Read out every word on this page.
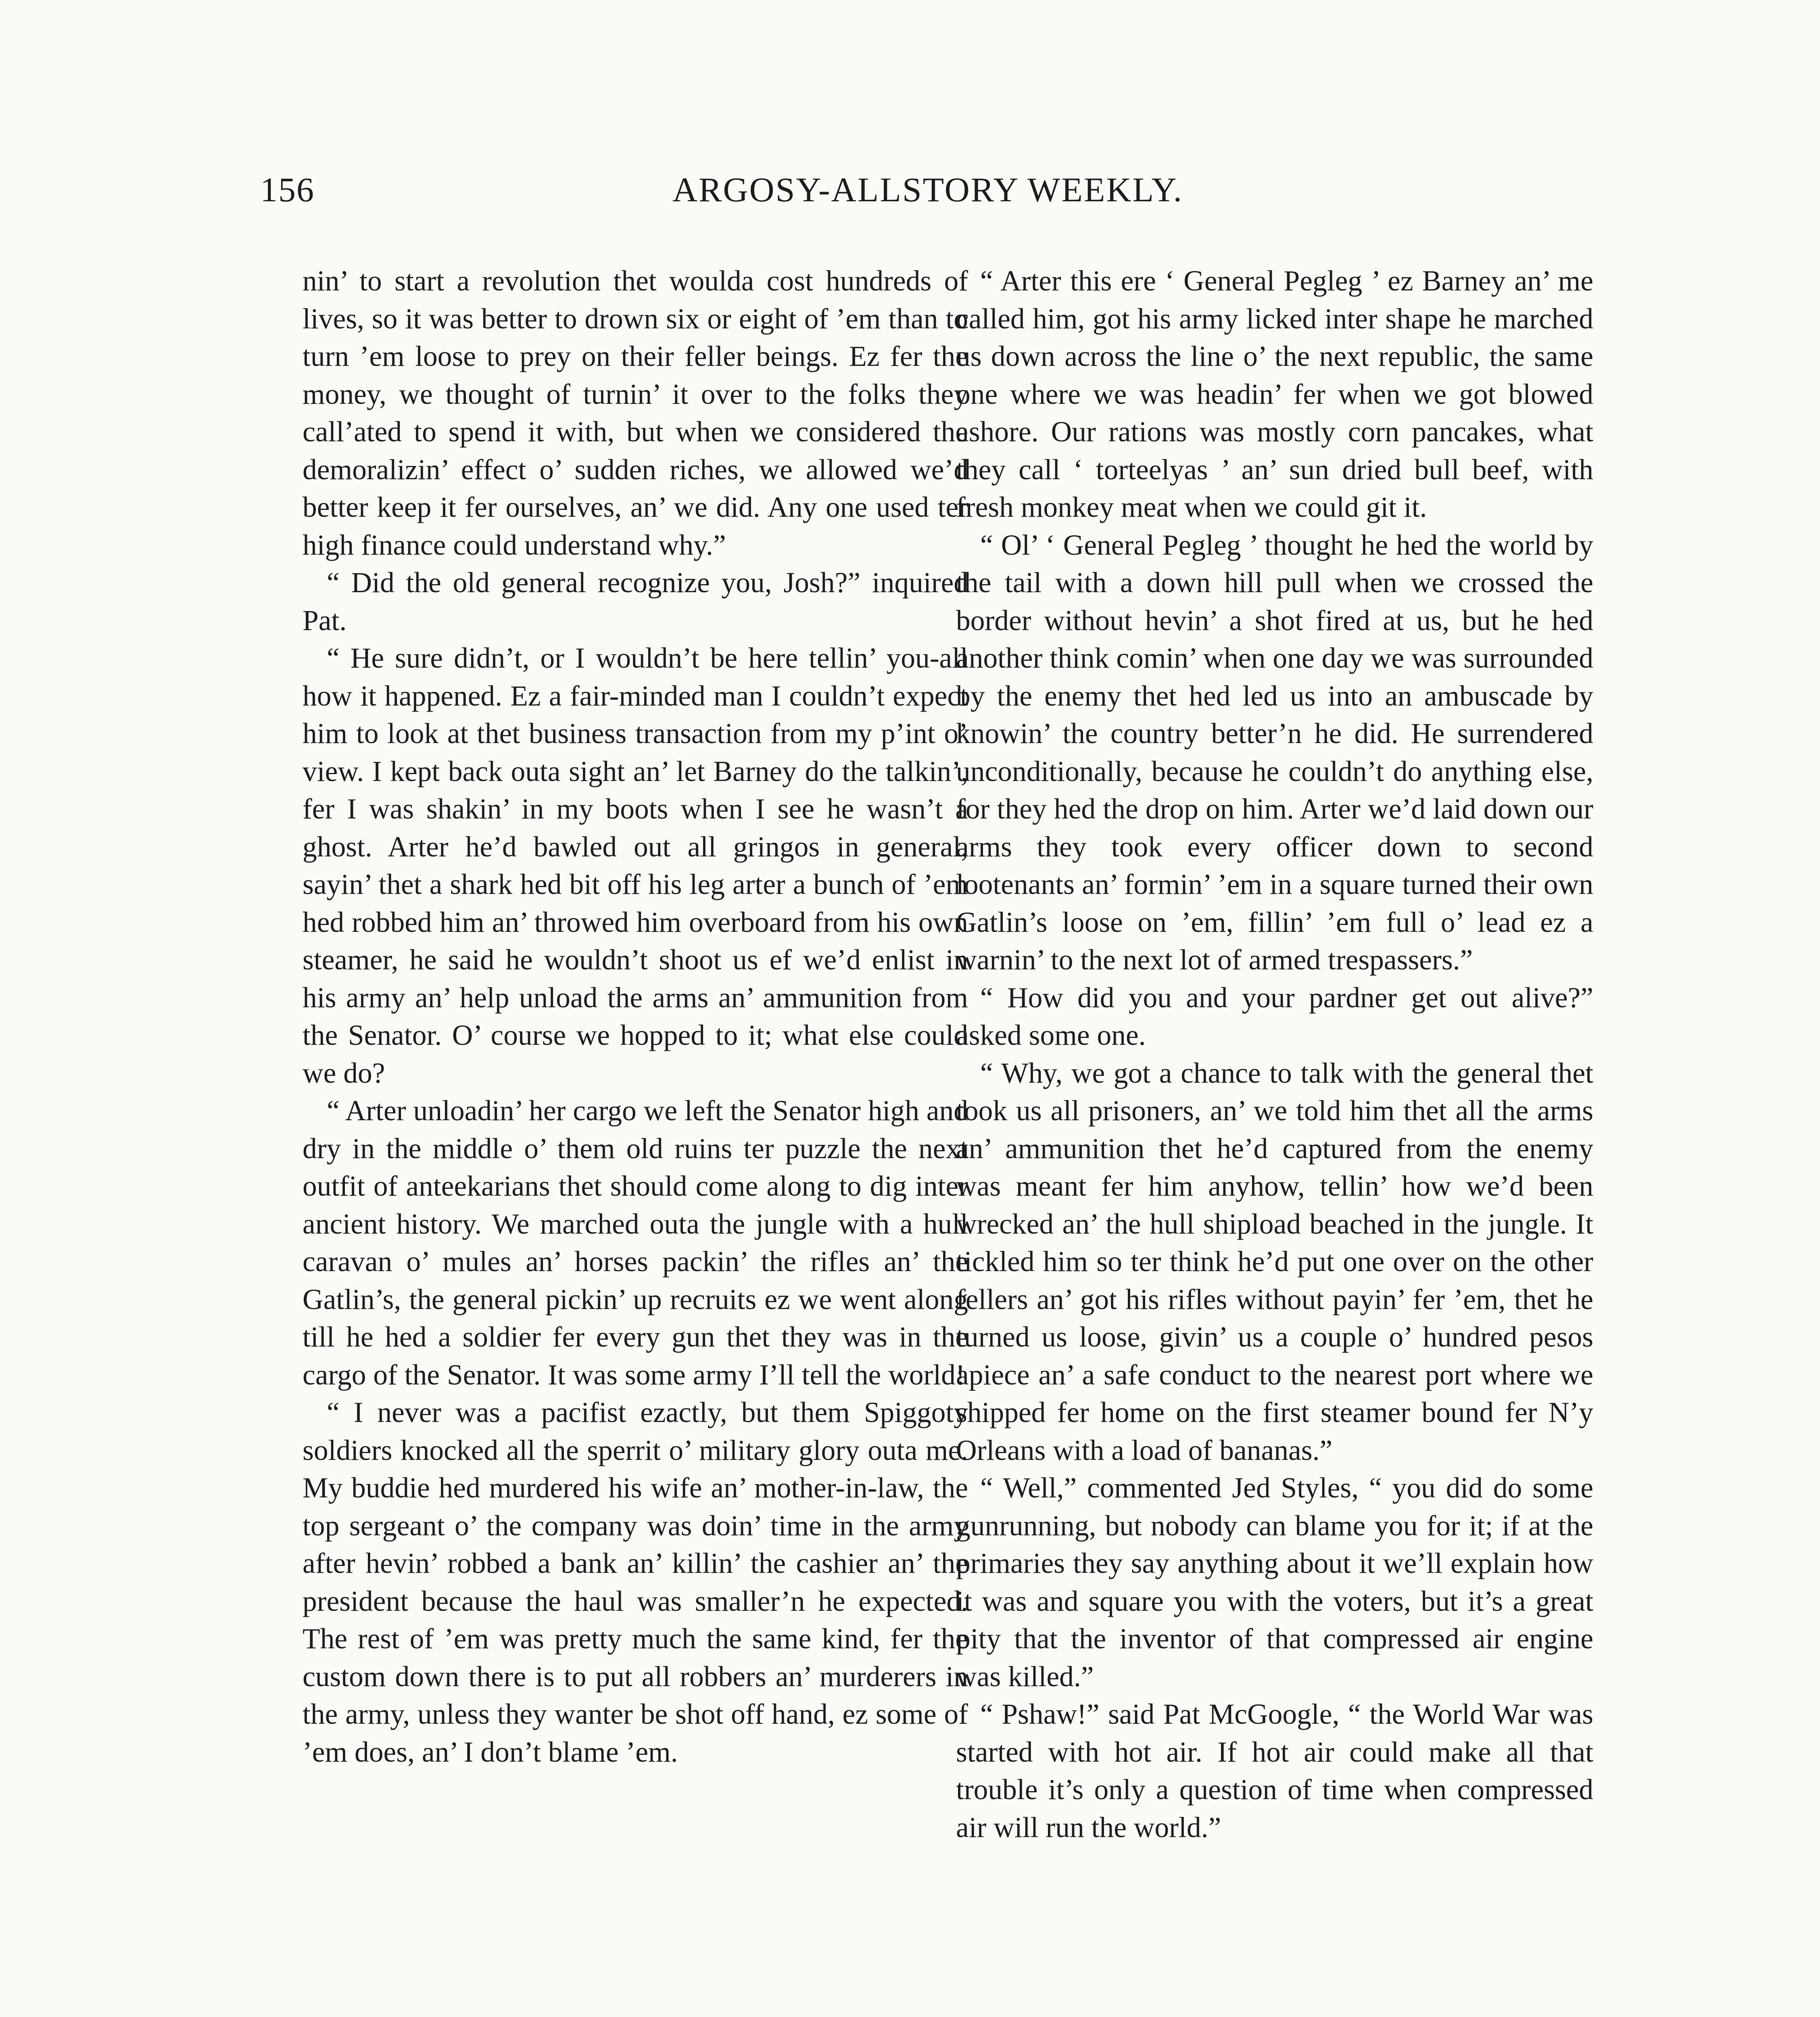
156	ARGOSY-ALLSTORY WEEKLY.

nin’ to start a revolution thet woulda cost hundreds of lives, so it was better to drown six or eight of ’em than to turn ’em loose to prey on their feller beings. Ez fer the money, we thought of turnin’ it over to the folks they call’ated to spend it with, but when we considered the demoralizin’ effect o’ sudden riches, we allowed we’d better keep it fer ourselves, an’ we did. Any one used ter high finance could understand why.”

“ Did the old general recognize you, Josh?” inquired Pat.

“ He sure didn’t, or I wouldn’t be here tellin’ you-all how it happened. Ez a fair-minded man I couldn’t expect him to look at thet business transaction from my p’int o’ view. I kept back outa sight an’ let Barney do the talkin’, fer I was shakin’ in my boots when I see he wasn’t a ghost. Arter he’d bawled out all gringos in general, sayin’ thet a shark hed bit off his leg arter a bunch of ’em hed robbed him an’ throwed him overboard from his own steamer, he said he wouldn’t shoot us ef we’d enlist in his army an’ help unload the arms an’ ammunition from the Senator. O’ course we hopped to it; what else could we do?

“ Arter unloadin’ her cargo we left the Senator high and dry in the middle o’ them old ruins ter puzzle the next outfit of anteekarians thet should come along to dig inter ancient history. We marched outa the jungle with a hull caravan o’ mules an’ horses packin’ the rifles an’ the Gatlin’s, the general pickin’ up recruits ez we went along till he hed a soldier fer every gun thet they was in the cargo of the Senator. It was some army I’ll tell the world!

“ I never was a pacifist ezactly, but them Spiggoty soldiers knocked all the sperrit o’ military glory outa me. My buddie hed murdered his wife an’ mother-in-law, the top sergeant o’ the company was doin’ time in the army after hevin’ robbed a bank an’ killin’ the cashier an’ the president because the haul was smaller’n he expected. The rest of ’em was pretty much the same kind, fer the custom down there is to put all robbers an’ murderers in the army, unless they wanter be shot off hand, ez some of ’em does, an’ I don’t blame ’em.

“ Arter this ere ‘ General Pegleg ’ ez Barney an’ me called him, got his army licked inter shape he marched us down across the line o’ the next republic, the same one where we was headin’ fer when we got blowed ashore. Our rations was mostly corn pancakes, what they call ‘ torteelyas ’ an’ sun dried bull beef, with fresh monkey meat when we could git it.

“ Ol’ ‘ General Pegleg ’ thought he hed the world by the tail with a down hill pull when we crossed the border without hevin’ a shot fired at us, but he hed another think comin’ when one day we was surrounded by the enemy thet hed led us into an ambuscade by knowin’ the country better’n he did. He surrendered unconditionally, because he couldn’t do anything else, for they hed the drop on him. Arter we’d laid down our arms they took every officer down to second lootenants an’ formin’ ’em in a square turned their own Gatlin’s loose on ’em, fillin’ ’em full o’ lead ez a warnin’ to the next lot of armed trespassers.”

“ How did you and your pardner get out alive?” asked some one.

“ Why, we got a chance to talk with the general thet took us all prisoners, an’ we told him thet all the arms an’ ammunition thet he’d captured from the enemy was meant fer him anyhow, tellin’ how we’d been wrecked an’ the hull shipload beached in the jungle. It tickled him so ter think he’d put one over on the other fellers an’ got his rifles without payin’ fer ’em, thet he turned us loose, givin’ us a couple o’ hundred pesos apiece an’ a safe conduct to the nearest port where we shipped fer home on the first steamer bound fer N’y Orleans with a load of bananas.”

“ Well,” commented Jed Styles, “ you did do some gunrunning, but nobody can blame you for it; if at the primaries they say anything about it we’ll explain how it was and square you with the voters, but it’s a great pity that the inventor of that compressed air engine was killed.”

“ Pshaw!” said Pat McGoogle, “ the World War was started with hot air. If hot air could make all that trouble it’s only a question of time when compressed air will run the world.”
